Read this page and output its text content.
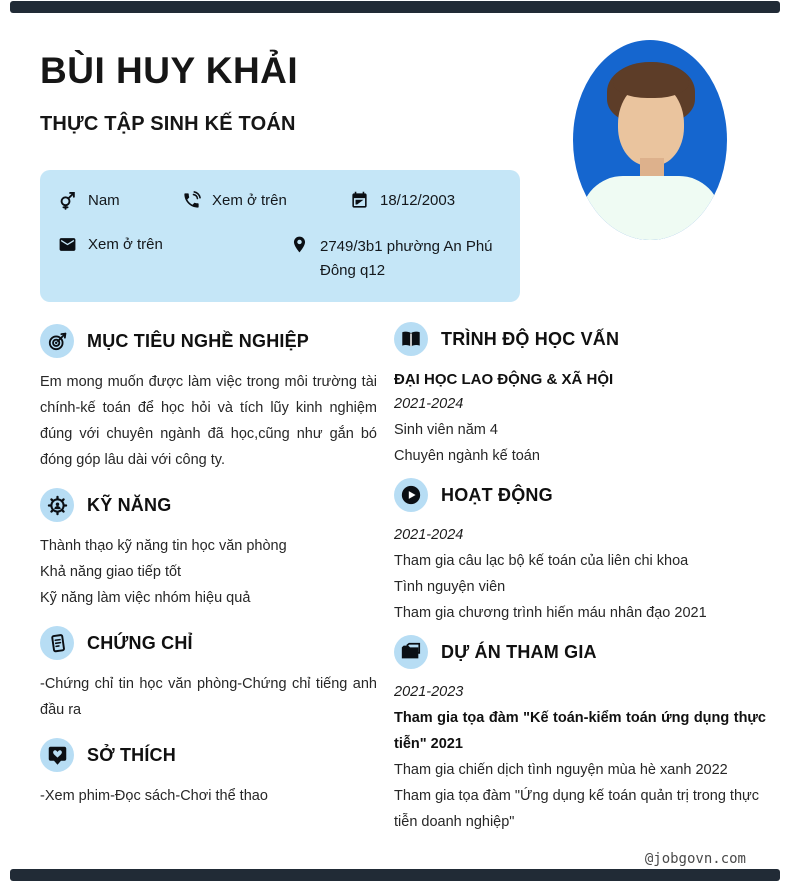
BÙI HUY KHẢI
THỰC TẬP SINH KẾ TOÁN
Nam	Xem ở trên	18/12/2003
Xem ở trên	2749/3b1 phường An Phú Đông q12
MỤC TIÊU NGHỀ NGHIỆP
Em mong muốn được làm việc trong môi trường tài chính-kế toán để học hỏi và tích lũy kinh nghiệm đúng với chuyên ngành đã học,cũng như gắn bó đóng góp lâu dài với công ty.
KỸ NĂNG
Thành thạo kỹ năng tin học văn phòng
Khả năng giao tiếp tốt
Kỹ năng làm việc nhóm hiệu quả
CHỨNG CHỈ
-Chứng chỉ tin học văn phòng-Chứng chỉ tiếng anh đầu ra
SỞ THÍCH
-Xem phim-Đọc sách-Chơi thể thao
TRÌNH ĐỘ HỌC VẤN
ĐẠI HỌC LAO ĐỘNG & XÃ HỘI
2021-2024
Sinh viên năm 4
Chuyên ngành kế toán
HOẠT ĐỘNG
2021-2024
Tham gia câu lạc bộ kế toán của liên chi khoa
Tình nguyện viên
Tham gia chương trình hiến máu nhân đạo 2021
DỰ ÁN THAM GIA
2021-2023
Tham gia tọa đàm "Kế toán-kiểm toán ứng dụng thực tiễn" 2021
Tham gia chiến dịch tình nguyện mùa hè xanh 2022
Tham gia tọa đàm "Ứng dụng kế toán quản trị trong thực tiễn doanh nghiệp"
@jobgovn.com
